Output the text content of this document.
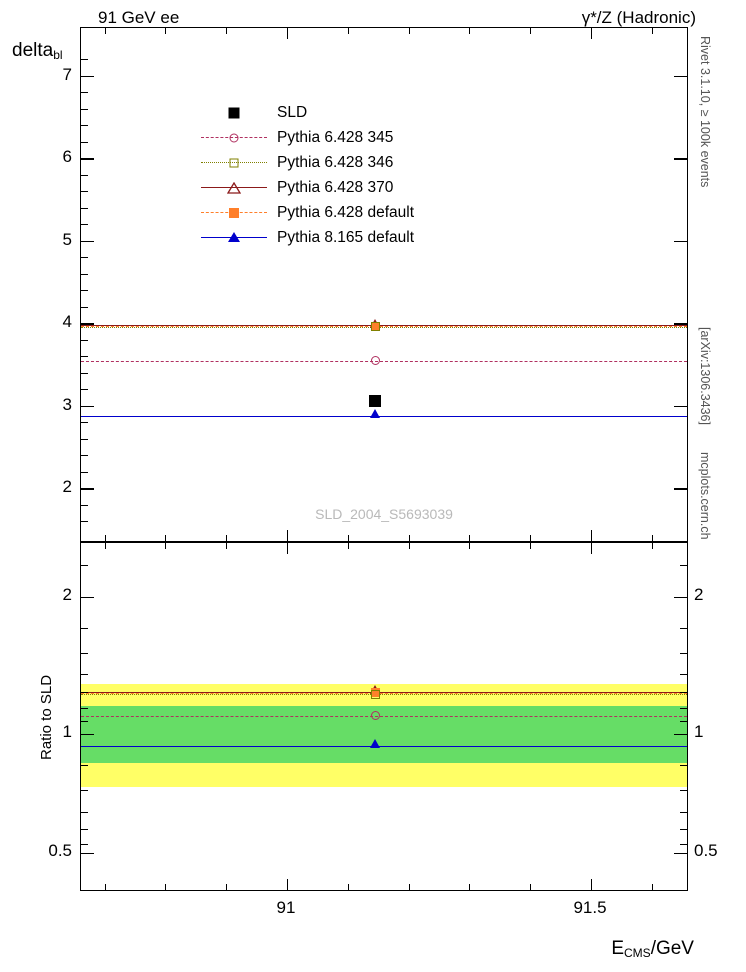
91 GeV ee	γ*/Z (Hadronic)
delta$_{bl}$	Rivet 3.1.10, ≥ 100k events
[arXiv:1306.3436]
mcplots.cern.ch
SLD_2004_S5693039
SLD
Pythia 6.428 345
Pythia 6.428 346
Pythia 6.428 370
Pythia 6.428 default
Pythia 8.165 default
7
6
5
4
3
2
2
1
0.5
2
1
0.5
Ratio to SLD
91	91.5
$E_{CMS}$/GeV
